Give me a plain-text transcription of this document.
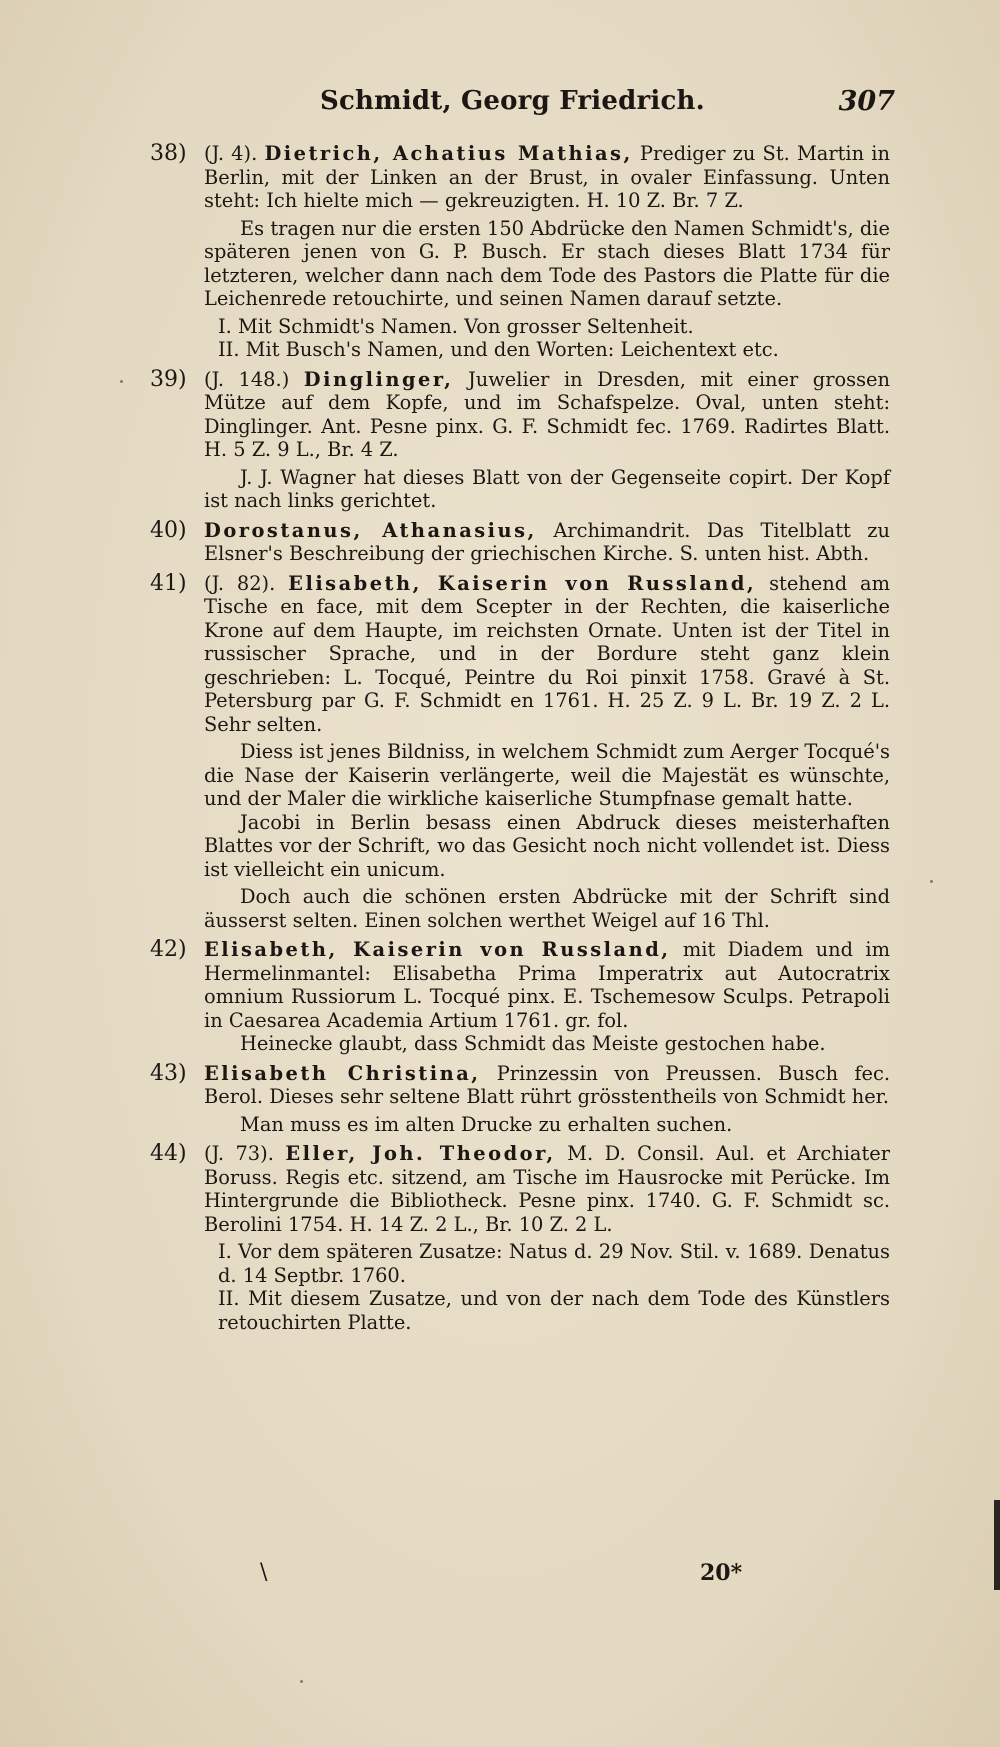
Schmidt, Georg Friedrich.	307
38) (J. 4). Dietrich, Achatius Mathias, Prediger zu St. Martin in Berlin, mit der Linken an der Brust, in ovaler Einfassung. Unten steht: Ich hielte mich — gekreuzigten. H. 10 Z. Br. 7 Z.

Es tragen nur die ersten 150 Abdrücke den Namen Schmidt's, die späteren jenen von G. P. Busch. Er stach dieses Blatt 1734 für letzteren, welcher dann nach dem Tode des Pastors die Platte für die Leichenrede retouchirte, und seinen Namen darauf setzte.

I. Mit Schmidt's Namen. Von grosser Seltenheit.

II. Mit Busch's Namen, und den Worten: Leichentext etc.

39) (J. 148.) Dinglinger, Juwelier in Dresden, mit einer grossen Mütze auf dem Kopfe, und im Schafspelze. Oval, unten steht: Dinglinger. Ant. Pesne pinx. G. F. Schmidt fec. 1769. Radirtes Blatt. H. 5 Z. 9 L., Br. 4 Z.

J. J. Wagner hat dieses Blatt von der Gegenseite copirt. Der Kopf ist nach links gerichtet.

40) Dorostanus, Athanasius, Archimandrit. Das Titelblatt zu Elsner's Beschreibung der griechischen Kirche. S. unten hist. Abth.

41) (J. 82). Elisabeth, Kaiserin von Russland, stehend am Tische en face, mit dem Scepter in der Rechten, die kaiserliche Krone auf dem Haupte, im reichsten Ornate. Unten ist der Titel in russischer Sprache, und in der Bordure steht ganz klein geschrieben: L. Tocqué, Peintre du Roi pinxit 1758. Gravé à St. Petersburg par G. F. Schmidt en 1761. H. 25 Z. 9 L. Br. 19 Z. 2 L. Sehr selten.

Diess ist jenes Bildniss, in welchem Schmidt zum Aerger Tocqué's die Nase der Kaiserin verlängerte, weil die Majestät es wünschte, und der Maler die wirkliche kaiserliche Stumpfnase gemalt hatte.

Jacobi in Berlin besass einen Abdruck dieses meisterhaften Blattes vor der Schrift, wo das Gesicht noch nicht vollendet ist. Diess ist vielleicht ein unicum.

Doch auch die schönen ersten Abdrücke mit der Schrift sind äusserst selten. Einen solchen werthet Weigel auf 16 Thl.

42) Elisabeth, Kaiserin von Russland, mit Diadem und im Hermelinmantel: Elisabetha Prima Imperatrix aut Autocratrix omnium Russiorum L. Tocqué pinx. E. Tschemesow Sculps. Petrapoli in Caesarea Academia Artium 1761. gr. fol.

Heinecke glaubt, dass Schmidt das Meiste gestochen habe.

43) Elisabeth Christina, Prinzessin von Preussen. Busch fec. Berol. Dieses sehr seltene Blatt rührt grösstentheils von Schmidt her.

Man muss es im alten Drucke zu erhalten suchen.

44) (J. 73). Eller, Joh. Theodor, M. D. Consil. Aul. et Archiater Boruss. Regis etc. sitzend, am Tische im Hausrocke mit Perücke. Im Hintergrunde die Bibliotheck. Pesne pinx. 1740. G. F. Schmidt sc. Berolini 1754. H. 14 Z. 2 L., Br. 10 Z. 2 L.

I. Vor dem späteren Zusatze: Natus d. 29 Nov. Stil. v. 1689. Denatus d. 14 Septbr. 1760.

II. Mit diesem Zusatze, und von der nach dem Tode des Künstlers retouchirten Platte.

\	20*
